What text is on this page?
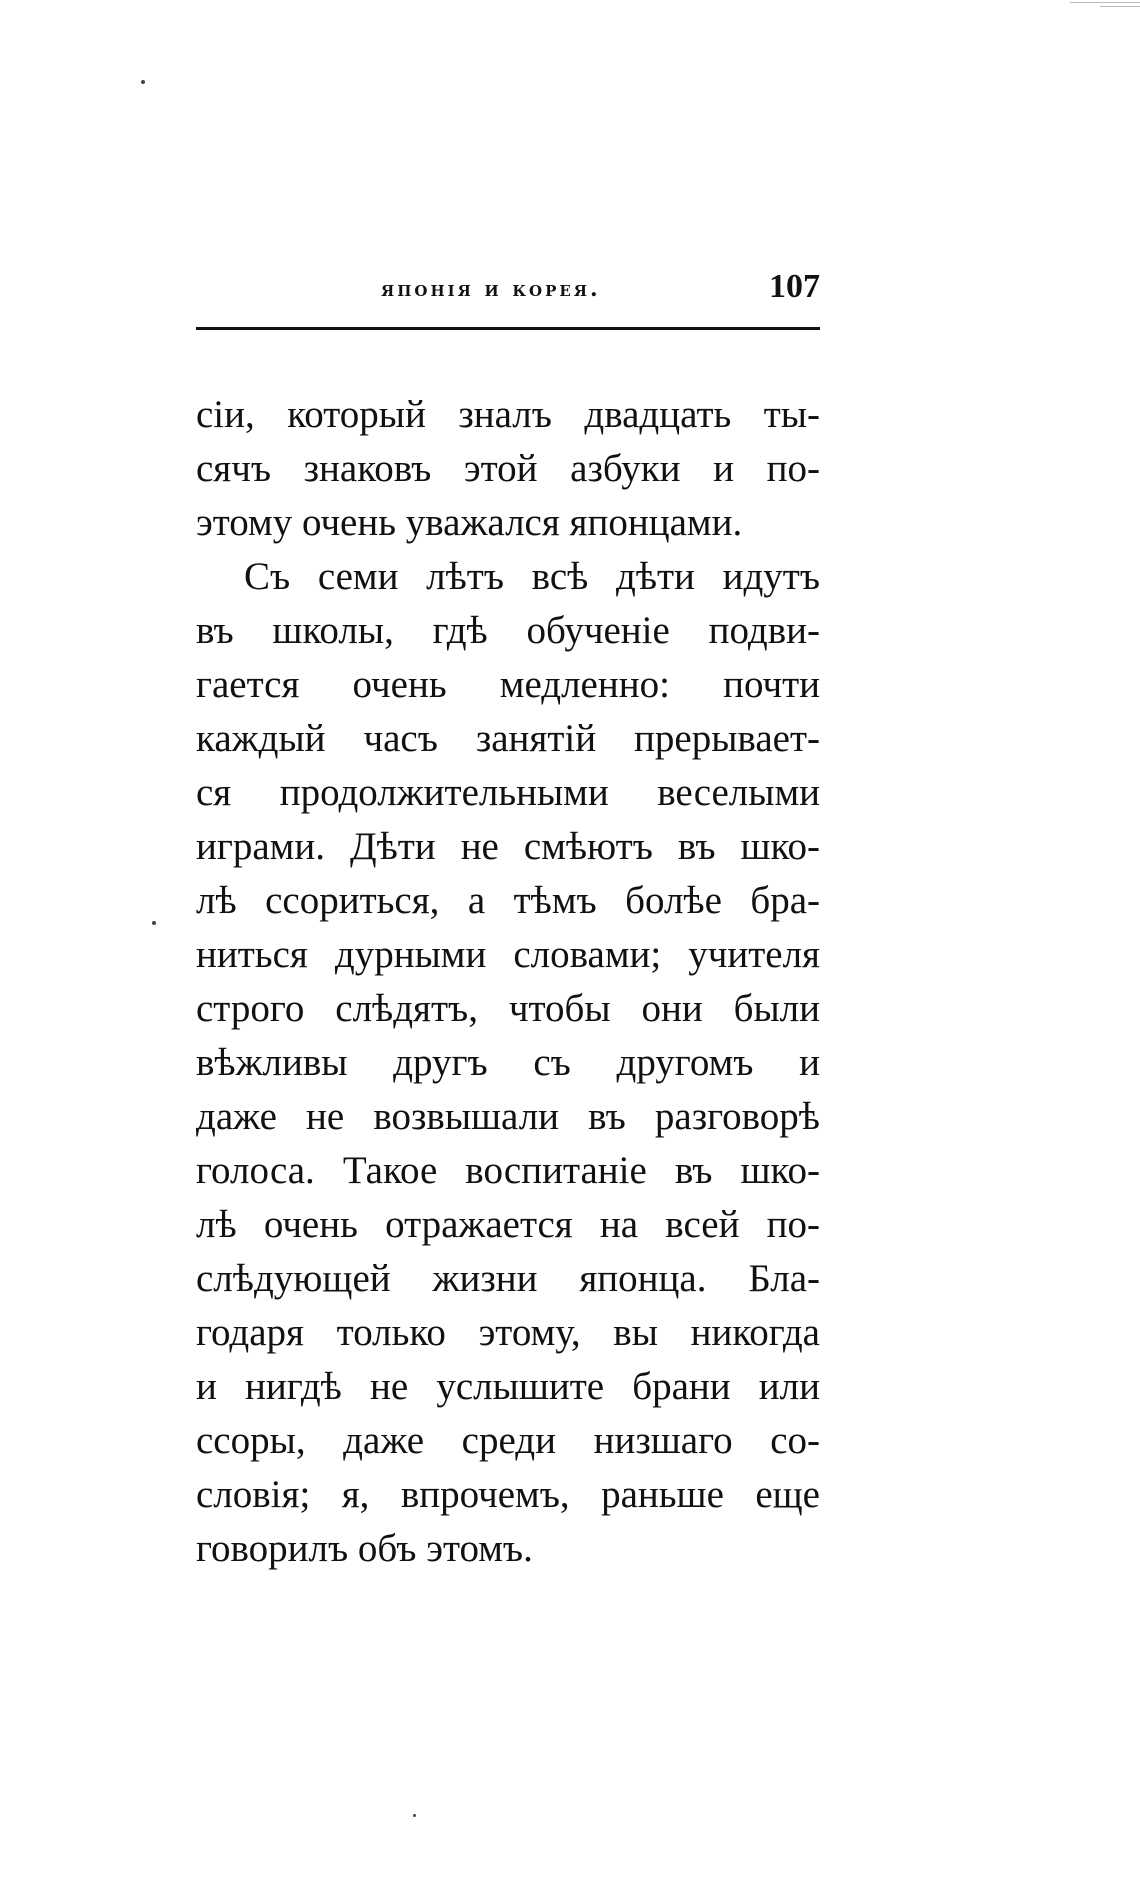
японія и корея.	107
сіи, который зналъ двадцать ты-
сячъ знаковъ этой азбуки и по-
этому очень уважался японцами.
Съ семи лѣтъ всѣ дѣти идутъ
въ школы, гдѣ обученіе подви-
гается очень медленно: почти
каждый часъ занятій прерывает-
ся продолжительными веселыми
играми. Дѣти не смѣютъ въ шко-
лѣ ссориться, а тѣмъ болѣе бра-
ниться дурными словами; учителя
строго слѣдятъ, чтобы они были
вѣжливы другъ съ другомъ и
даже не возвышали въ разговорѣ
голоса. Такое воспитаніе въ шко-
лѣ очень отражается на всей по-
слѣдующей жизни японца. Бла-
годаря только этому, вы никогда
и нигдѣ не услышите брани или
ссоры, даже среди низшаго со-
словія; я, впрочемъ, раньше еще
говорилъ объ этомъ.
